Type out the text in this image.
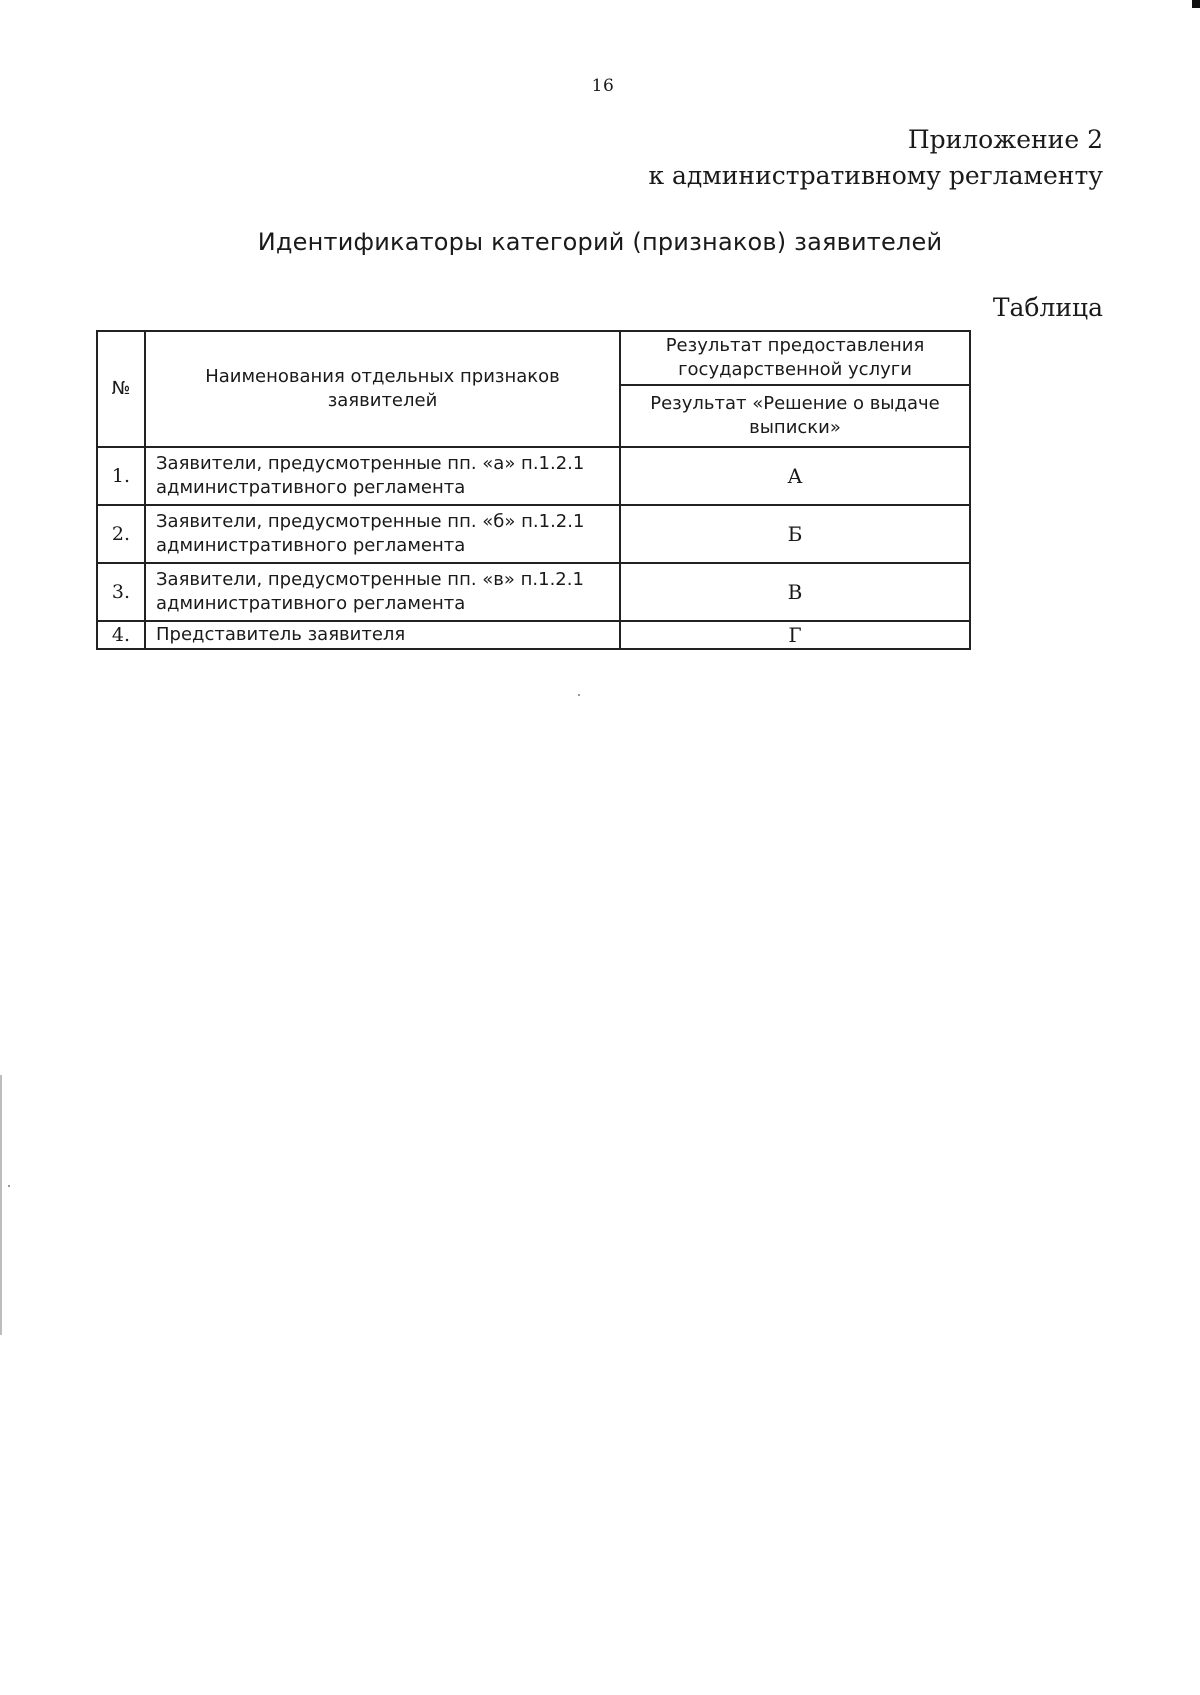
16
Приложение 2
к административному регламенту
Идентификаторы категорий (признаков) заявителей
Таблица
№	Наименования отдельных признаков заявителей	Результат предоставления государственной услуги
		Результат «Решение о выдаче выписки»
1.	Заявители, предусмотренные пп. «а» п.1.2.1 административного регламента	А
2.	Заявители, предусмотренные пп. «б» п.1.2.1 административного регламента	Б
3.	Заявители, предусмотренные пп. «в» п.1.2.1 административного регламента	В
4.	Представитель заявителя	Г
